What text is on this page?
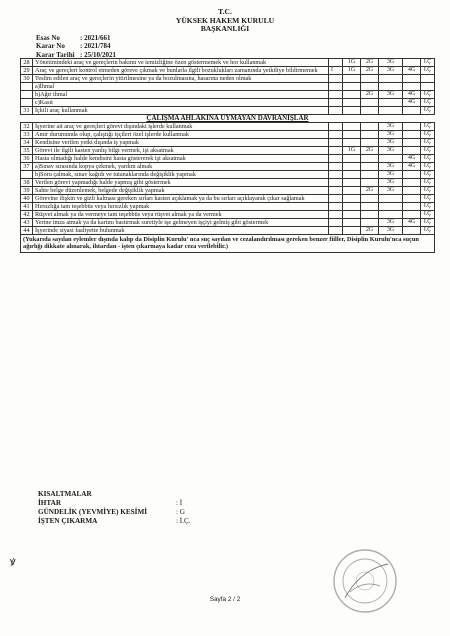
T.C.
YÜKSEK HAKEM KURULU
BAŞKANLIĞI
Esas No	: 2021/661
Karar No : 2021/784
Karar Tarihi : 25/10/2021
28	Yönetimindeki araç ve gereçlerin bakımı ve temizliğine özen göstermemek ve hor kullanmak		1G	2G	3G		İ.Ç
29	Araç ve gereçleri kontrol etmeden göreve çıkmak ve bunlarla ilgili bozuklukları zamanında yetkiliye bildirmemek	İ	1G	2G	3G	4G	İ.Ç
30	Teslim edilen araç ve gereçlerin yitirilmesine ya da bozulmasına, hasarına neden olmak						
	a)İhmal						
	b)Ağır ihmal			2G	3G	4G	İ.Ç
	c)Kasıt					4G	İ.Ç
31	İçkili araç kullanmak						İ.Ç
ÇALIŞMA AHLAKINA UYMAYAN DAVRANIŞLAR							
32	İşyerine ait araç ve gereçleri görevi dışındaki işlerde kullanmak				3G		İ.Ç
33	Amir durumunda olup, çalıştığı işçileri özel işlerde kullanmak				3G		İ.Ç
34	Kendisine verilen yetki dışında iş yapmak				3G		İ.Ç
35	Görevi ile ilgili kasten yanlış bilgi vermek, işi aksatmak		1G	2G	3G		İ.Ç
36	Hasta olmadığı halde kendisini hasta göstererek işi aksatmak					4G	İ.Ç
37	a)Sınav sırasında kopya çekmek, yardım almak				3G	4G	İ.Ç
	b)Soru çalmak, sınav kağıdı ve tutanaklarında değişiklik yapmak				3G		İ.Ç
38	Verilen görevi yapmadığı halde yapmış gibi göstermek				3G		İ.Ç
39	Sahte belge düzenlemek, belgede değişiklik yapmak			2G	3G		İ.Ç
40	Görevine ilişkin ve gizli kalması gereken sırları kasten açıklamak ya da bu sırları açıklayarak çıkar sağlamak						İ.Ç
41	Hırsızlığa tam teşebbüs veya hırsızlık yapmak						İ.Ç
42	Rüşvet almak ya da vermeye tam teşebbüs veya rüşvet almak ya da vermek						İ.Ç
43	Yerine imza atmak ya da kartını bastırmak suretiyle işe gelmeyen işçiyi gelmiş gibi göstermek				3G	4G	İ.Ç
44	İşyerinde siyasi faaliyette bulunmak			2G	3G		İ.Ç
(Yukarıda sayılan eylemler dışında kalıp da Disiplin Kurulu' nca suç sayılan ve cezalandırılması gereken benzer fiiller, Disiplin Kurulu'nca suçun ağırlığı dikkate alınarak, ihtardan - işten çıkarmaya kadar ceza verilebilir.)							
KISALTMALAR
İHTAR	: İ
GÜNDELİK (YEVMİYE) KESİMİ	: G
İŞTEN ÇIKARMA	: İ.Ç.
ꝟ
Sayfa 2 / 2
